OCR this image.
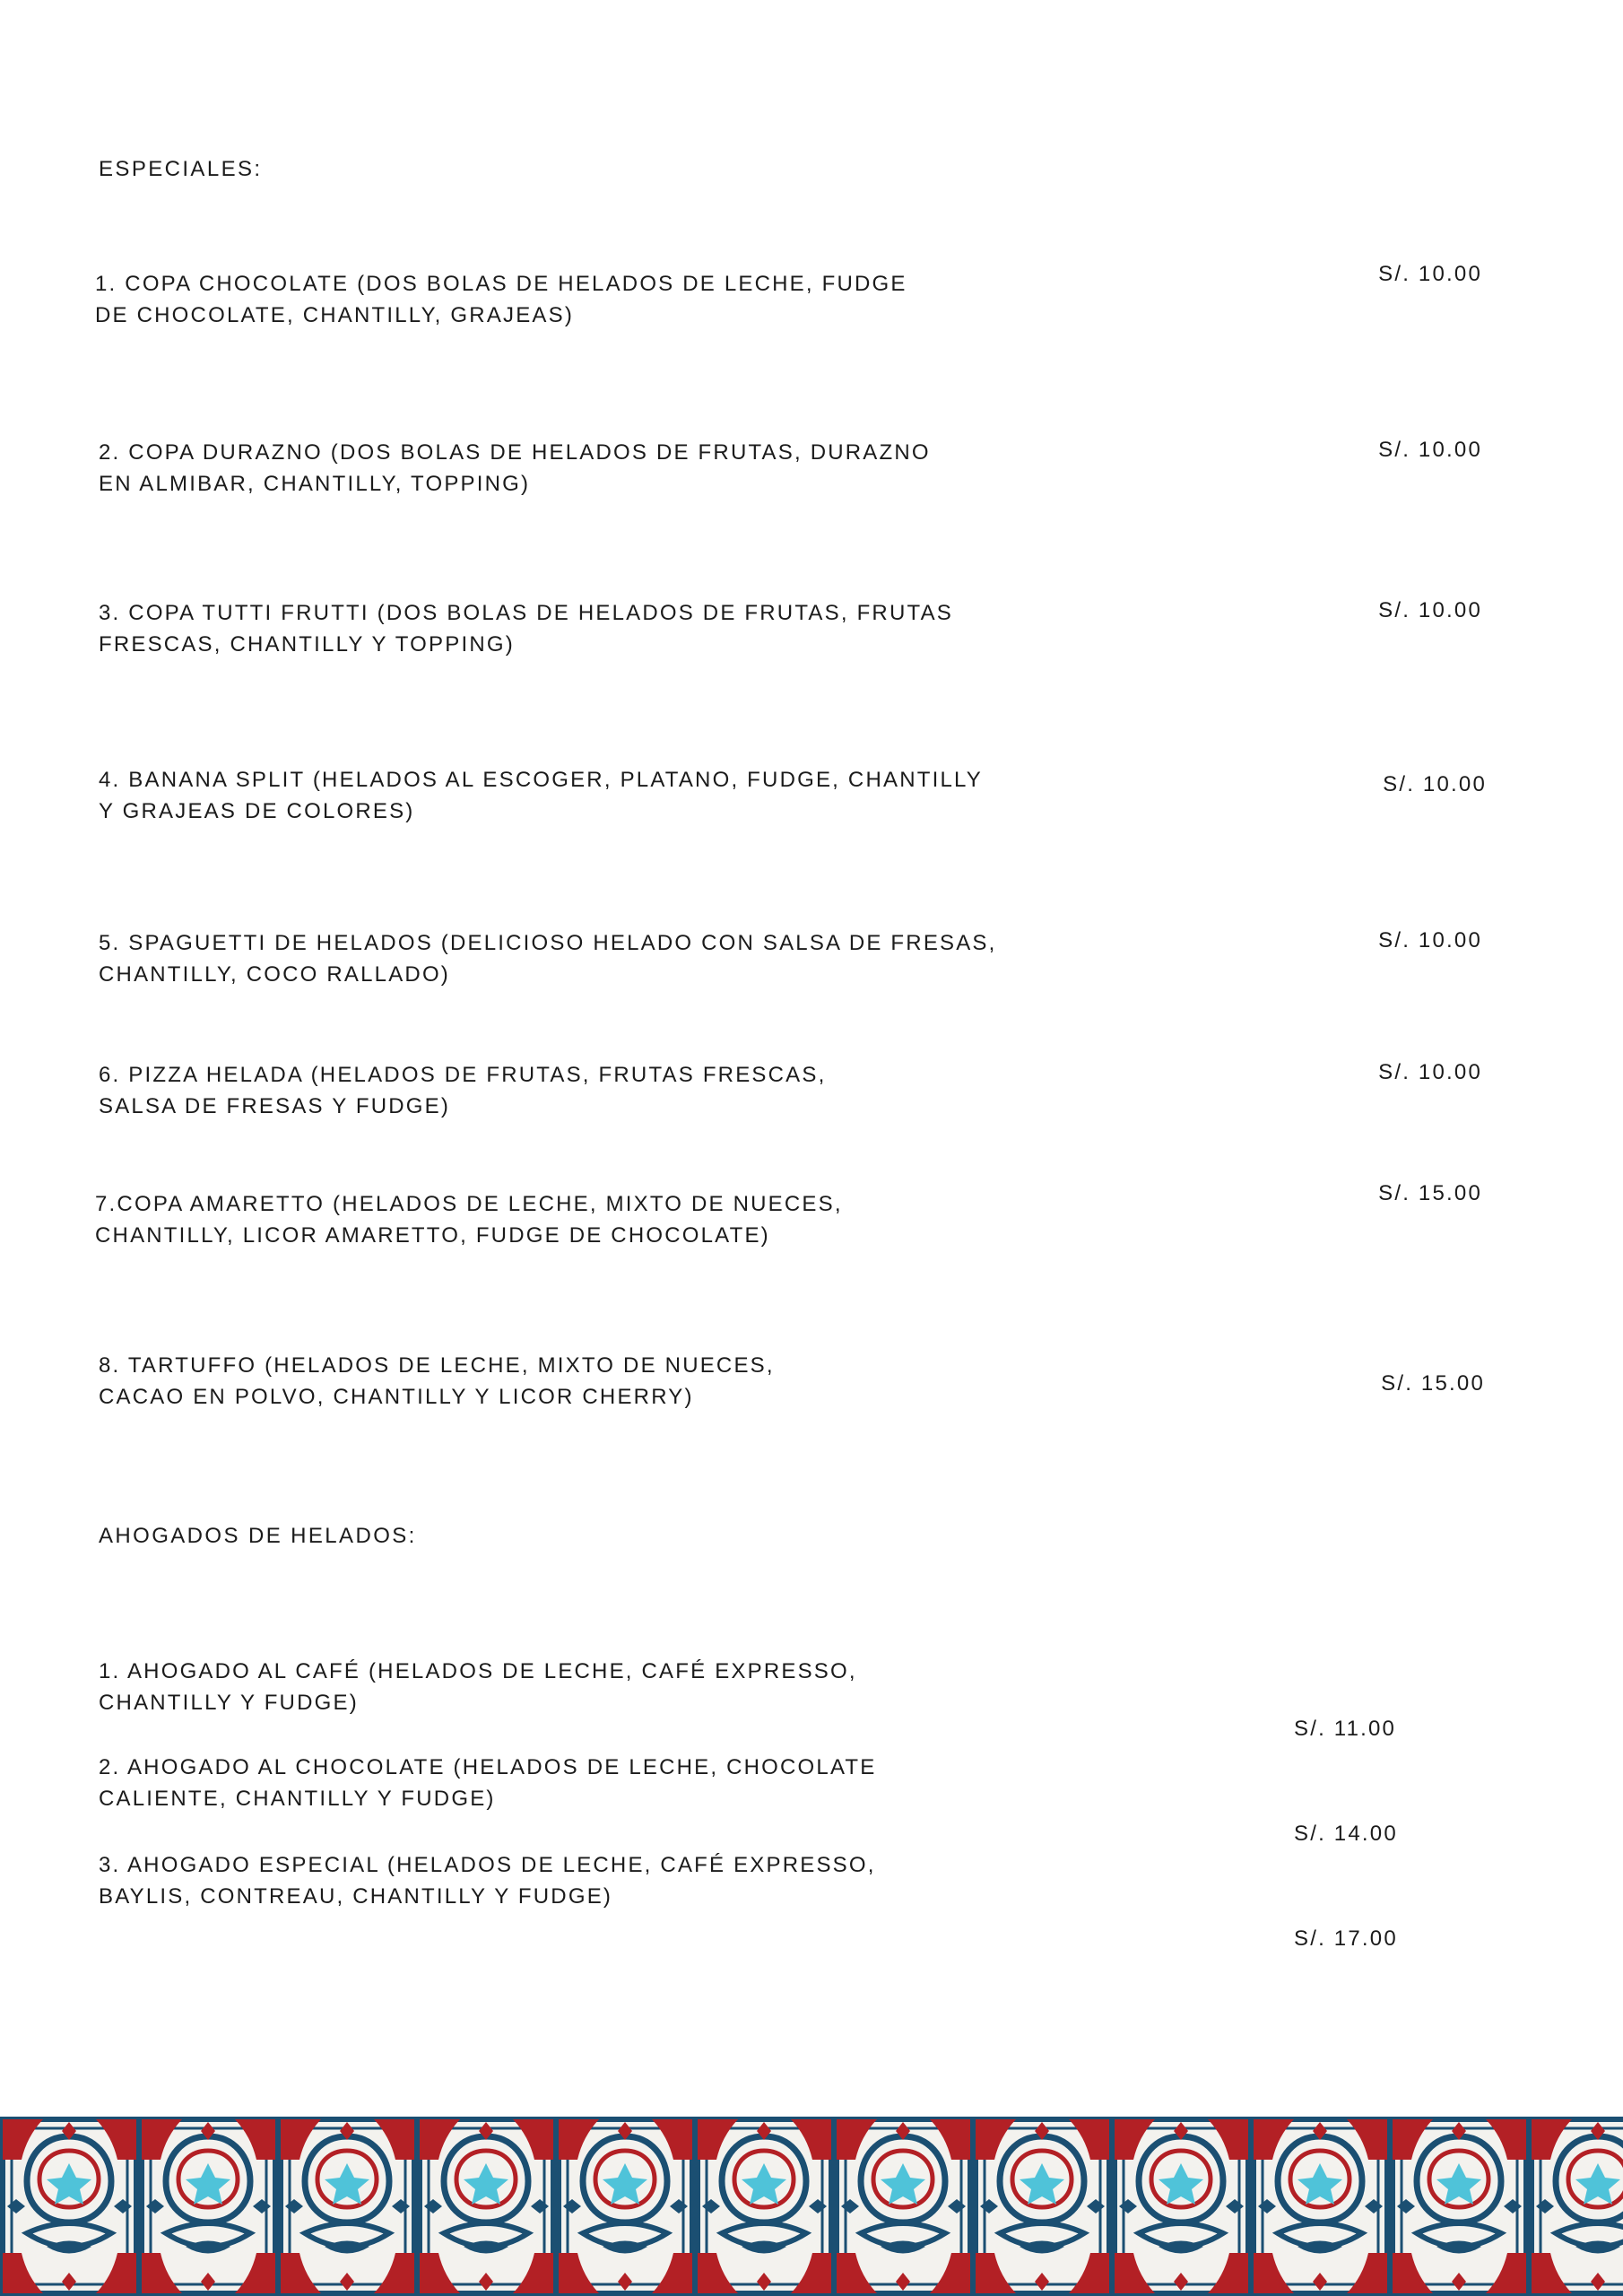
ESPECIALES:
1. COPA CHOCOLATE (DOS BOLAS DE HELADOS DE LECHE, FUDGE
DE CHOCOLATE, CHANTILLY, GRAJEAS)
S/. 10.00
2. COPA DURAZNO (DOS BOLAS DE HELADOS DE FRUTAS, DURAZNO
EN ALMIBAR, CHANTILLY, TOPPING)
S/. 10.00
3. COPA TUTTI FRUTTI (DOS BOLAS DE HELADOS DE FRUTAS, FRUTAS
FRESCAS, CHANTILLY Y TOPPING)
S/. 10.00
4. BANANA SPLIT (HELADOS AL ESCOGER, PLATANO, FUDGE, CHANTILLY
Y GRAJEAS DE COLORES)
S/. 10.00
5. SPAGUETTI DE HELADOS (DELICIOSO HELADO CON SALSA DE FRESAS,
CHANTILLY, COCO RALLADO)
S/. 10.00
6. PIZZA HELADA (HELADOS DE FRUTAS, FRUTAS FRESCAS,
SALSA DE FRESAS Y FUDGE)
S/. 10.00
7.COPA AMARETTO (HELADOS DE LECHE, MIXTO DE NUECES,
CHANTILLY, LICOR AMARETTO, FUDGE DE CHOCOLATE)
S/. 15.00
8. TARTUFFO (HELADOS DE LECHE, MIXTO DE NUECES,
CACAO EN POLVO, CHANTILLY Y LICOR CHERRY)
S/. 15.00
AHOGADOS DE HELADOS:
1. AHOGADO AL CAFÉ (HELADOS DE LECHE, CAFÉ EXPRESSO,
CHANTILLY Y FUDGE)
2. AHOGADO AL CHOCOLATE (HELADOS DE LECHE, CHOCOLATE
CALIENTE, CHANTILLY Y FUDGE)
3. AHOGADO ESPECIAL (HELADOS DE LECHE, CAFÉ EXPRESSO,
BAYLIS, CONTREAU, CHANTILLY Y FUDGE)
S/. 11.00
S/. 14.00
S/. 17.00
